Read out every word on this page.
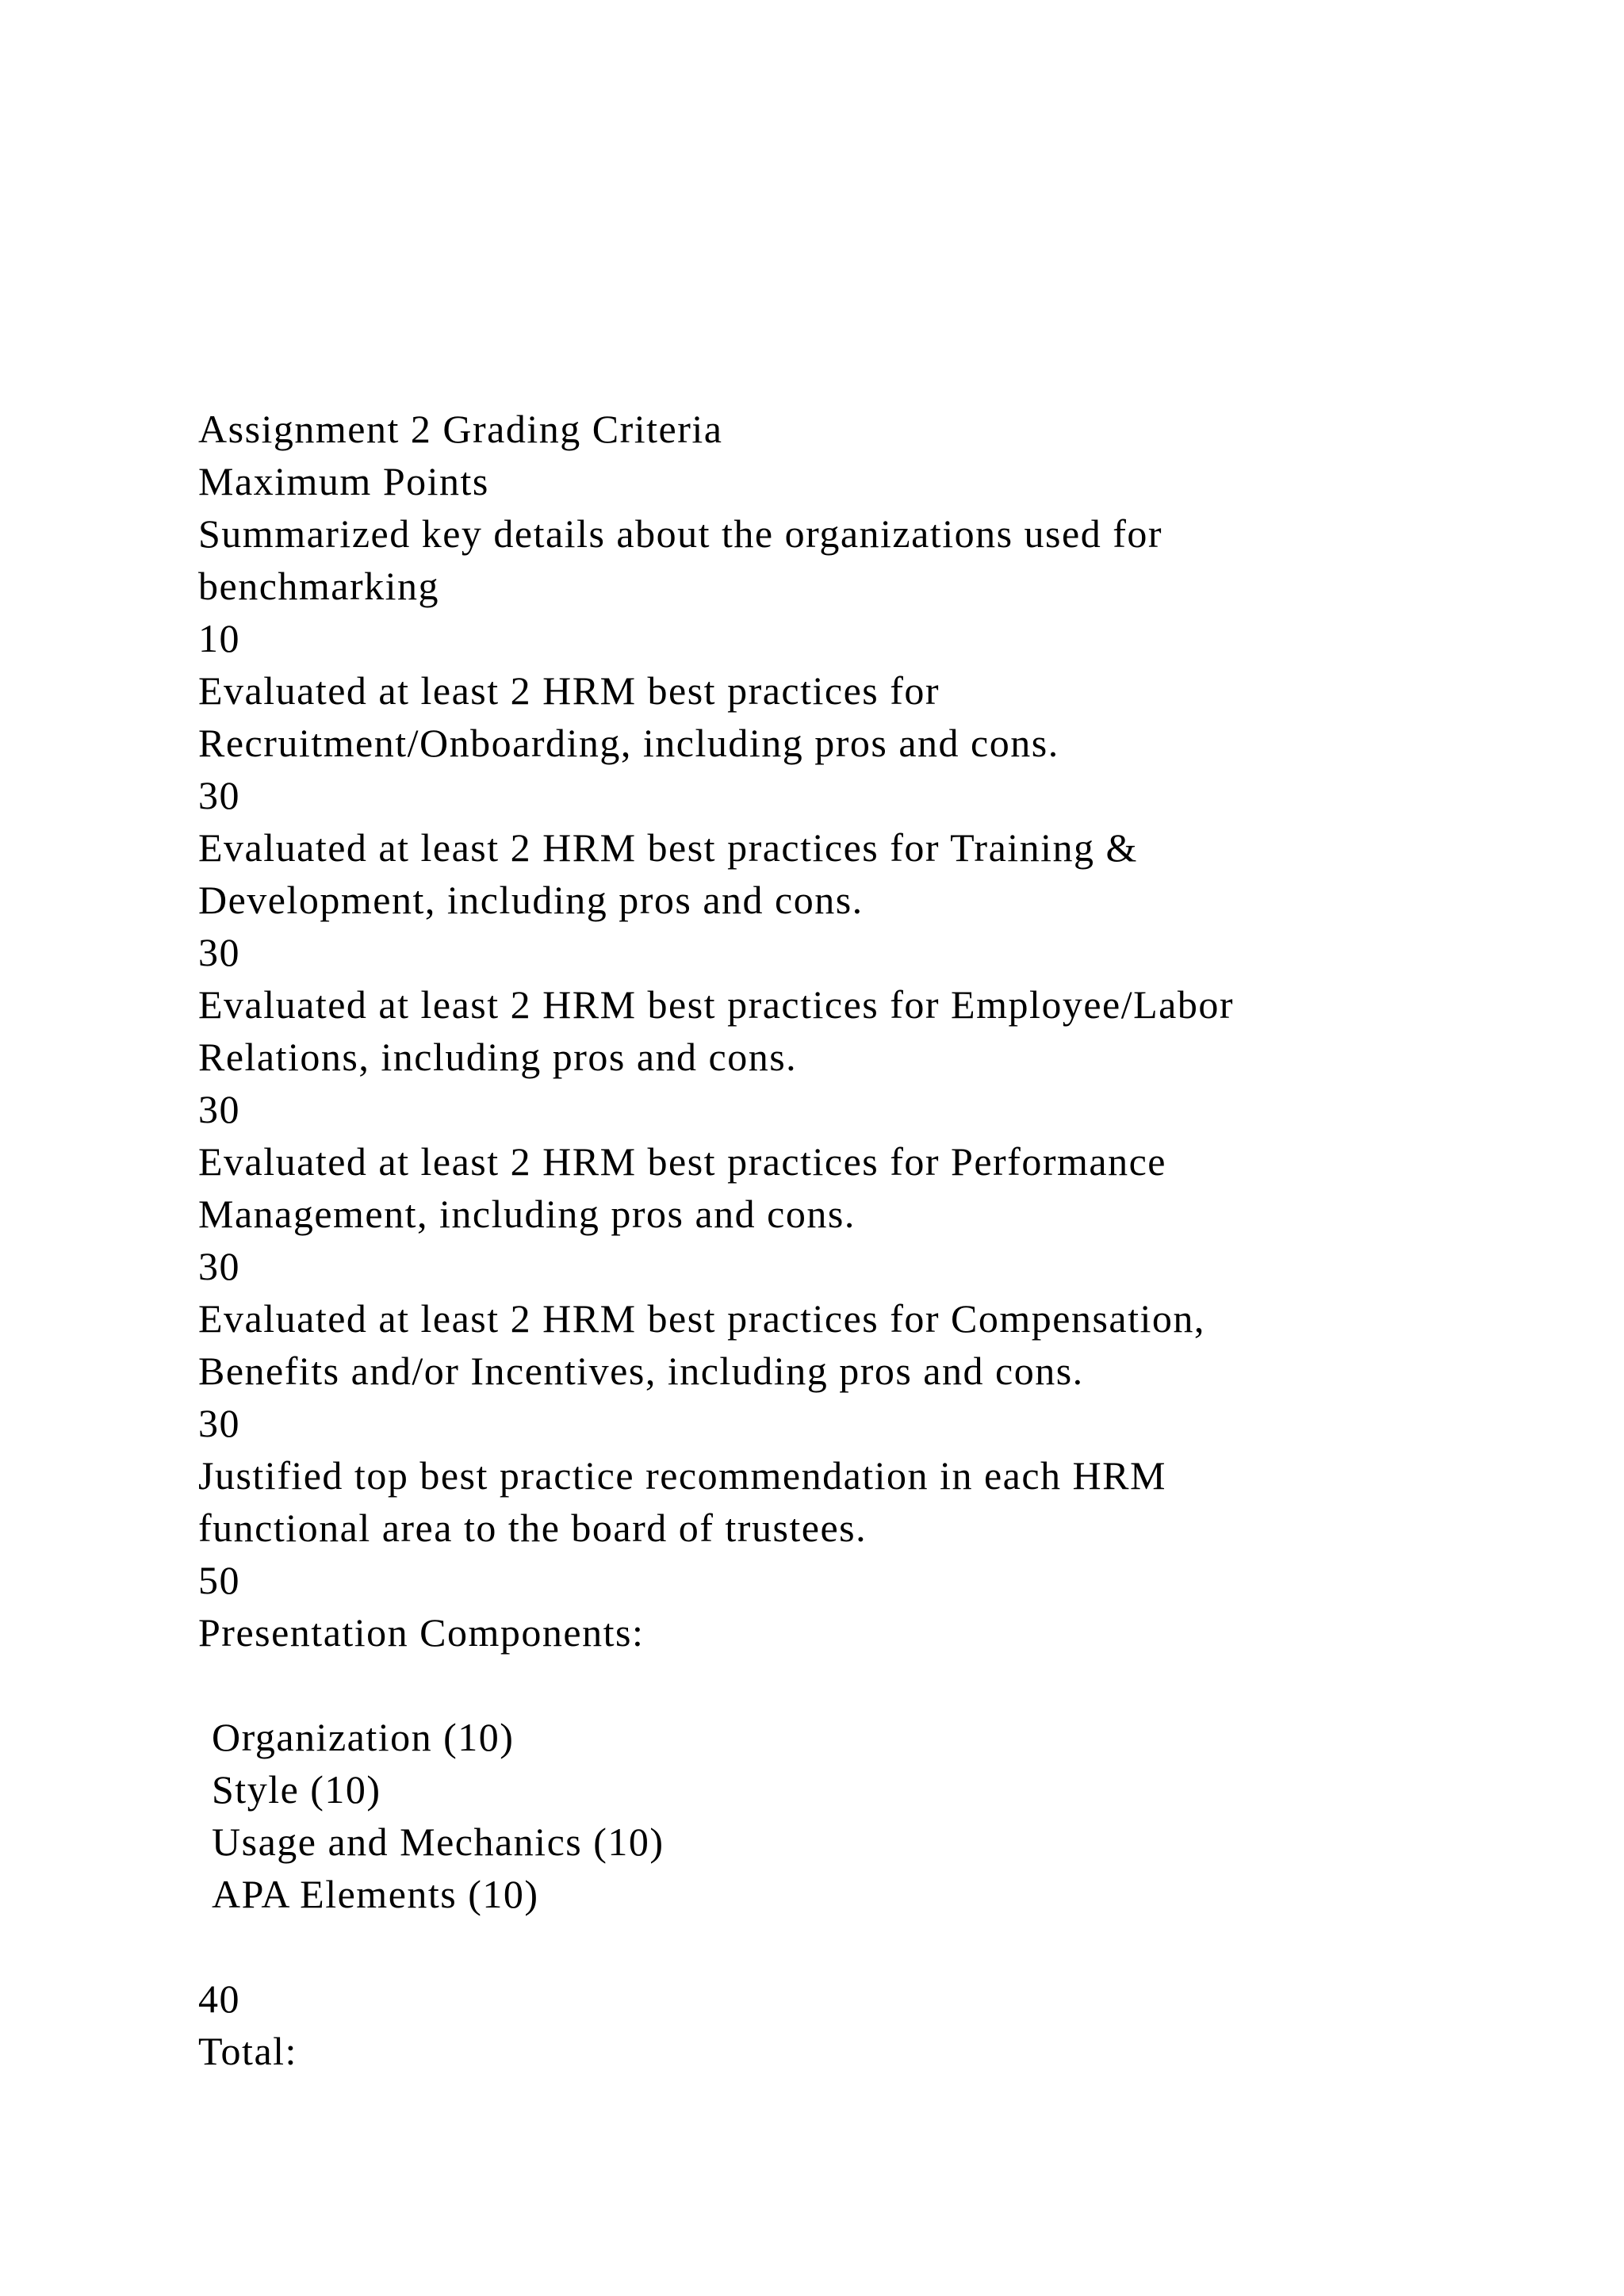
Assignment 2 Grading Criteria
Maximum Points
Summarized key details about the organizations used for
benchmarking
10
Evaluated at least 2 HRM best practices for
Recruitment/Onboarding, including pros and cons.
30
Evaluated at least 2 HRM best practices for Training &
Development, including pros and cons.
30
Evaluated at least 2 HRM best practices for Employee/Labor
Relations, including pros and cons.
30
Evaluated at least 2 HRM best practices for Performance
Management, including pros and cons.
30
Evaluated at least 2 HRM best practices for Compensation,
Benefits and/or Incentives, including pros and cons.
30
Justified top best practice recommendation in each HRM
functional area to the board of trustees.
50
Presentation Components:
Organization (10)
Style (10)
Usage and Mechanics (10)
APA Elements (10)
40
Total:
